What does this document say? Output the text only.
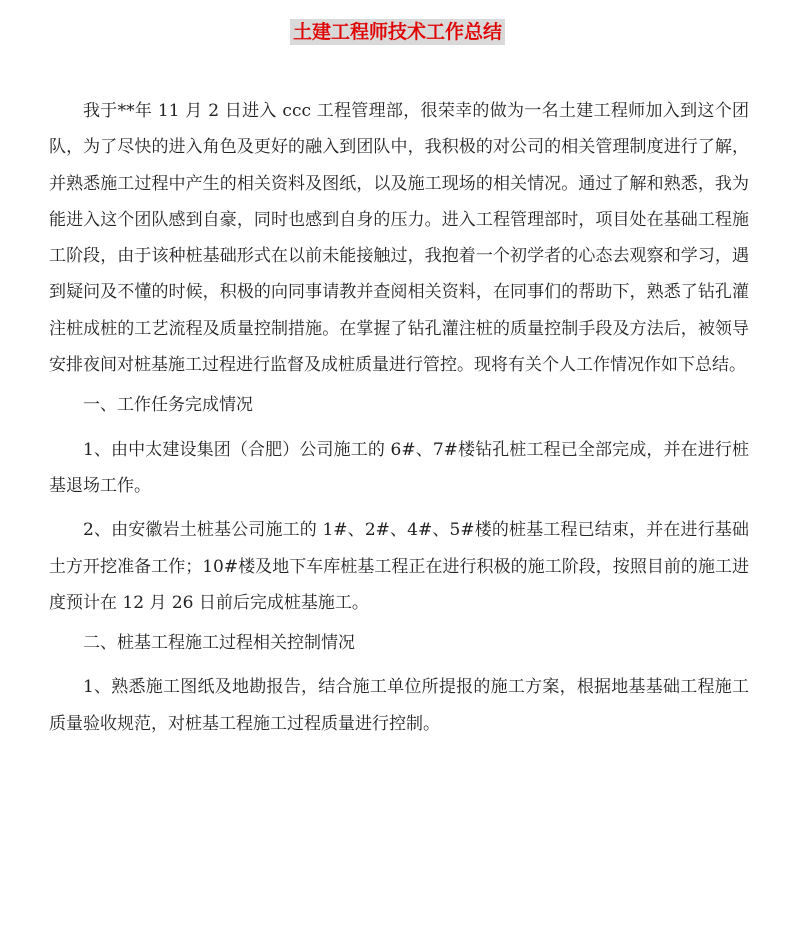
土建工程师技术工作总结

我于**年 11 月 2 日进入 ccc 工程管理部，很荣幸的做为一名土建工程师加入到这个团队，为了尽快的进入角色及更好的融入到团队中，我积极的对公司的相关管理制度进行了解，并熟悉施工过程中产生的相关资料及图纸，以及施工现场的相关情况。通过了解和熟悉，我为能进入这个团队感到自豪，同时也感到自身的压力。进入工程管理部时，项目处在基础工程施工阶段，由于该种桩基础形式在以前未能接触过，我抱着一个初学者的心态去观察和学习，遇到疑问及不懂的时候，积极的向同事请教并查阅相关资料，在同事们的帮助下，熟悉了钻孔灌注桩成桩的工艺流程及质量控制措施。在掌握了钻孔灌注桩的质量控制手段及方法后，被领导安排夜间对桩基施工过程进行监督及成桩质量进行管控。现将有关个人工作情况作如下总结。

一、工作任务完成情况

1、由中太建设集团（合肥）公司施工的 6#、7#楼钻孔桩工程已全部完成，并在进行桩基退场工作。

2、由安徽岩土桩基公司施工的 1#、2#、4#、5#楼的桩基工程已结束，并在进行基础土方开挖准备工作；10#楼及地下车库桩基工程正在进行积极的施工阶段，按照目前的施工进度预计在 12 月 26 日前后完成桩基施工。

二、桩基工程施工过程相关控制情况

1、熟悉施工图纸及地勘报告，结合施工单位所提报的施工方案，根据地基基础工程施工质量验收规范，对桩基工程施工过程质量进行控制。
